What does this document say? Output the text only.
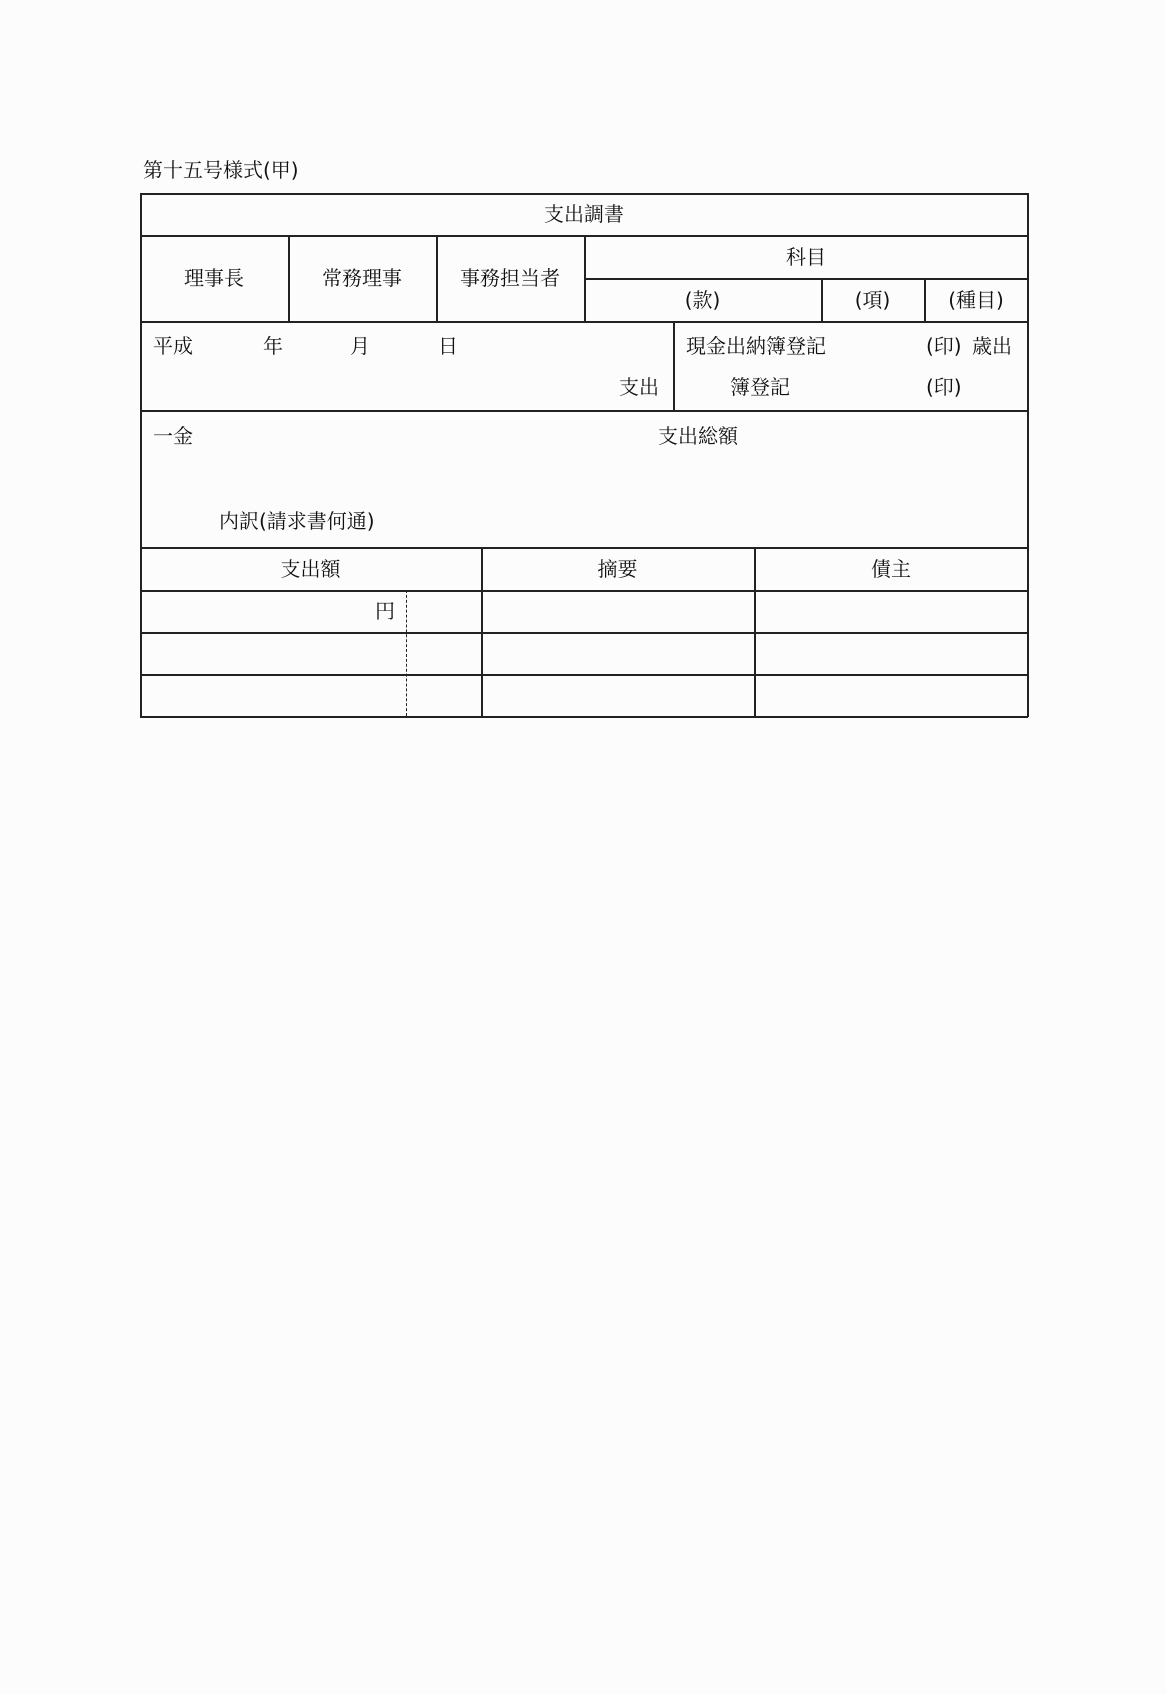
第十五号様式(甲)
支出調書
理事長	常務理事	事務担当者
科目
(款)	(項)	(種目)
平成	年	月	日
支出
現金出納簿登記	(印) 歳出
簿登記	(印)
一金	支出総額
内訳(請求書何通)
支出額	摘要	債主
円
